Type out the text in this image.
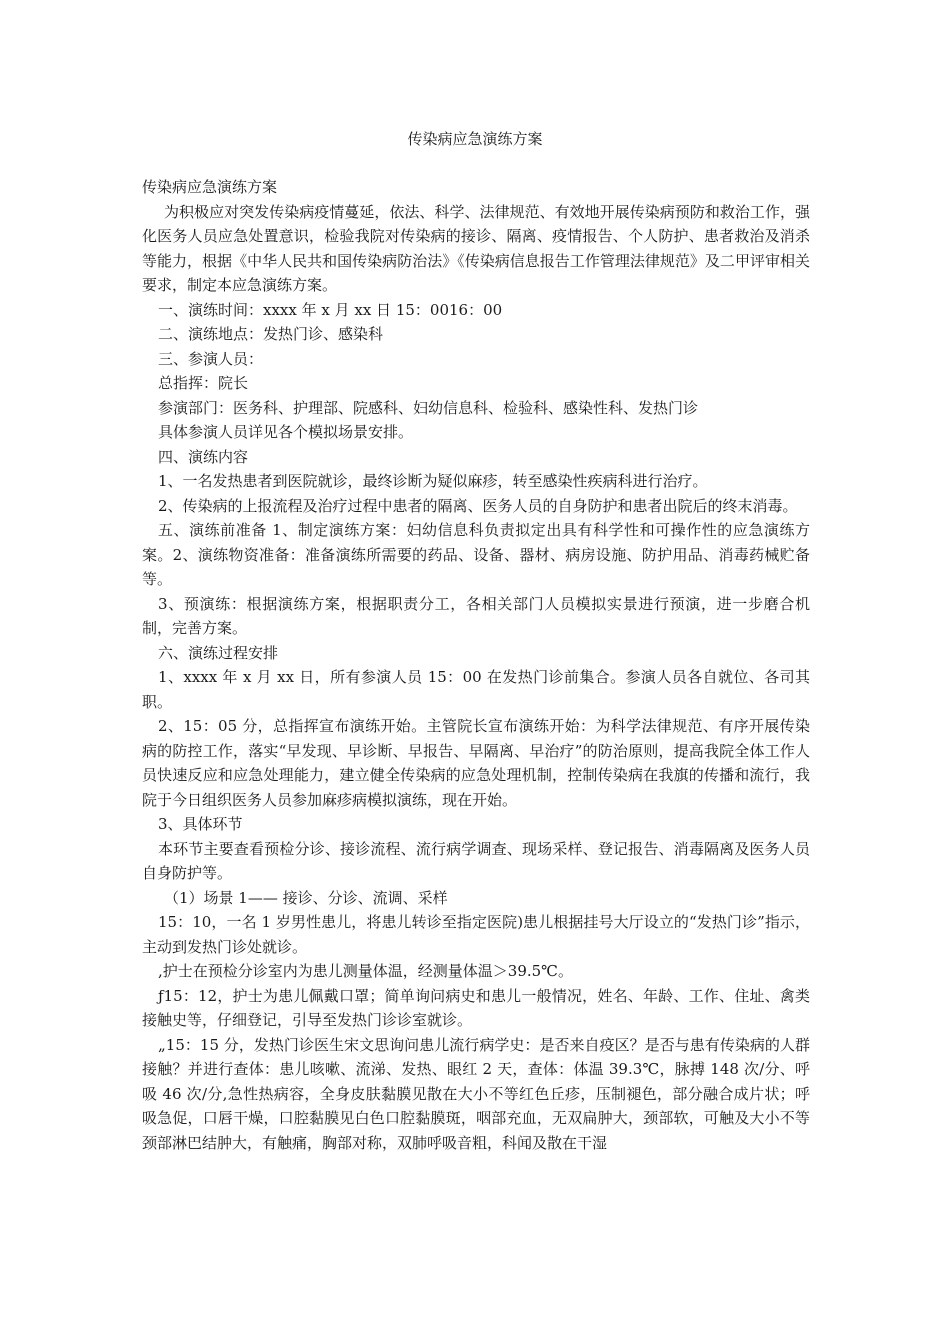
传染病应急演练方案

传染病应急演练方案

为积极应对突发传染病疫情蔓延，依法、科学、法律规范、有效地开展传染病预防和救治工作，强化医务人员应急处置意识，检验我院对传染病的接诊、隔离、疫情报告、个人防护、患者救治及消杀等能力，根据《中华人民共和国传染病防治法》《传染病信息报告工作管理法律规范》及二甲评审相关要求，制定本应急演练方案。

一、演练时间：xxxx 年 x 月 xx 日 15：0016：00

二、演练地点：发热门诊、感染科

三、参演人员：

总指挥：院长

参演部门：医务科、护理部、院感科、妇幼信息科、检验科、感染性科、发热门诊

具体参演人员详见各个模拟场景安排。

四、演练内容

1、一名发热患者到医院就诊，最终诊断为疑似麻疹，转至感染性疾病科进行治疗。

2、传染病的上报流程及治疗过程中患者的隔离、医务人员的自身防护和患者出院后的终末消毒。

五、演练前准备 1、制定演练方案：妇幼信息科负责拟定出具有科学性和可操作性的应急演练方案。2、演练物资准备：准备演练所需要的药品、设备、器材、病房设施、防护用品、消毒药械贮备等。

3、预演练：根据演练方案，根据职责分工，各相关部门人员模拟实景进行预演，进一步磨合机制，完善方案。

六、演练过程安排

1、xxxx 年 x 月 xx 日，所有参演人员 15：00 在发热门诊前集合。参演人员各自就位、各司其职。

2、15：05 分，总指挥宣布演练开始。主管院长宣布演练开始：为科学法律规范、有序开展传染病的防控工作，落实“早发现、早诊断、早报告、早隔离、早治疗”的防治原则，提高我院全体工作人员快速反应和应急处理能力，建立健全传染病的应急处理机制，控制传染病在我旗的传播和流行，我院于今日组织医务人员参加麻疹病模拟演练，现在开始。

3、具体环节

本环节主要查看预检分诊、接诊流程、流行病学调查、现场采样、登记报告、消毒隔离及医务人员自身防护等。

（1）场景 1—— 接诊、分诊、流调、采样

15：10，一名 1 岁男性患儿，将患儿转诊至指定医院)患儿根据挂号大厅设立的“发热门诊”指示，主动到发热门诊处就诊。

,护士在预检分诊室内为患儿测量体温，经测量体温＞39.5℃。

ƒ15：12，护士为患儿佩戴口罩；简单询问病史和患儿一般情况，姓名、年龄、工作、住址、禽类接触史等，仔细登记，引导至发热门诊诊室就诊。

„15：15 分，发热门诊医生宋文思询问患儿流行病学史：是否来自疫区？是否与患有传染病的人群接触？并进行查体：患儿咳嗽、流涕、发热、眼红 2 天，查体：体温 39.3℃，脉搏 148 次/分、呼吸 46 次/分,急性热病容，全身皮肤黏膜见散在大小不等红色丘疹，压制褪色，部分融合成片状；呼吸急促，口唇干燥，口腔黏膜见白色口腔黏膜斑，咽部充血，无双扁肿大，颈部软，可触及大小不等颈部淋巴结肿大，有触痛，胸部对称，双肺呼吸音粗，科闻及散在干湿
